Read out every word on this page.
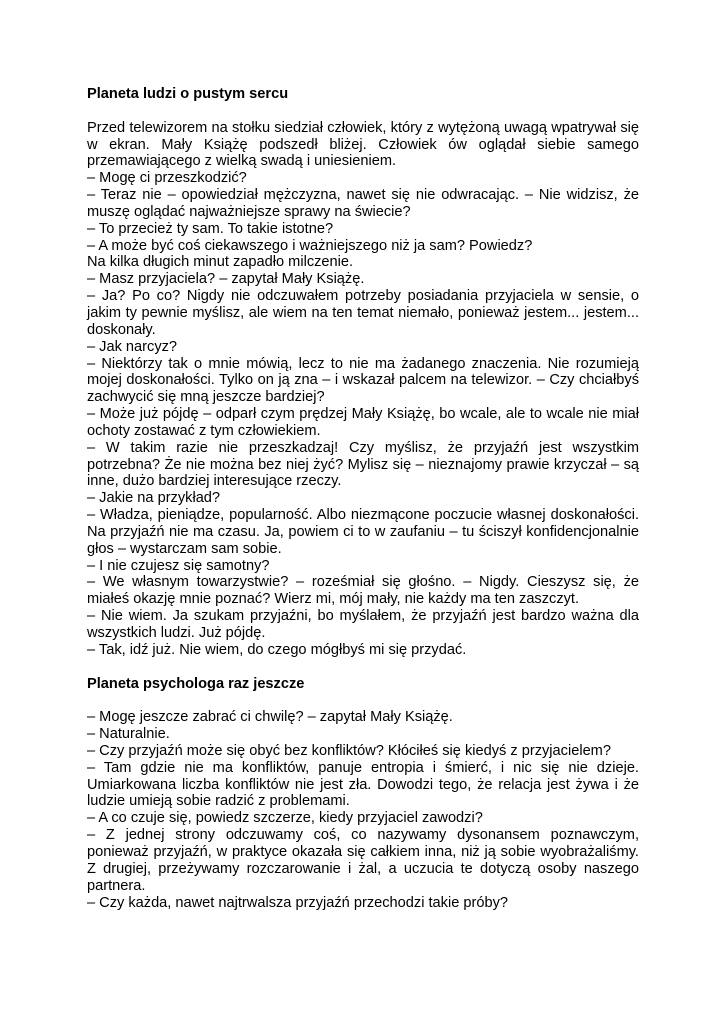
Planeta ludzi o pustym sercu

Przed telewizorem na stołku siedział człowiek, który z wytężoną uwagą wpatrywał się w ekran. Mały Książę podszedł bliżej. Człowiek ów oglądał siebie samego przemawiającego z wielką swadą i uniesieniem.

– Mogę ci przeszkodzić?

– Teraz nie – opowiedział mężczyzna, nawet się nie odwracając. – Nie widzisz, że muszę oglądać najważniejsze sprawy na świecie?

– To przecież ty sam. To takie istotne?

– A może być coś ciekawszego i ważniejszego niż ja sam? Powiedz?

Na kilka długich minut zapadło milczenie.

– Masz przyjaciela? – zapytał Mały Książę.

– Ja? Po co? Nigdy nie odczuwałem potrzeby posiadania przyjaciela w sensie, o jakim ty pewnie myślisz, ale wiem na ten temat niemało, ponieważ jestem... jestem... doskonały.

– Jak narcyz?

– Niektórzy tak o mnie mówią, lecz to nie ma żadanego znaczenia. Nie rozumieją mojej doskonałości. Tylko on ją zna – i wskazał palcem na telewizor. – Czy chciałbyś zachwycić się mną jeszcze bardziej?

– Może już pójdę – odparł czym prędzej Mały Książę, bo wcale, ale to wcale nie miał ochoty zostawać z tym człowiekiem.

– W takim razie nie przeszkadzaj! Czy myślisz, że przyjaźń jest wszystkim potrzebna? Że nie można bez niej żyć? Mylisz się – nieznajomy prawie krzyczał – są inne, dużo bardziej interesujące rzeczy.

– Jakie na przykład?

– Władza, pieniądze, popularność. Albo niezmącone poczucie własnej doskonałości. Na przyjaźń nie ma czasu. Ja, powiem ci to w zaufaniu – tu ściszył konfidencjonalnie głos – wystarczam sam sobie.

– I nie czujesz się samotny?

– We własnym towarzystwie? – roześmiał się głośno. – Nigdy. Cieszysz się, że miałeś okazję mnie poznać? Wierz mi, mój mały, nie każdy ma ten zaszczyt.

– Nie wiem. Ja szukam przyjaźni, bo myślałem, że przyjaźń jest bardzo ważna dla wszystkich ludzi. Już pójdę.

– Tak, idź już. Nie wiem, do czego mógłbyś mi się przydać.

Planeta psychologa raz jeszcze

– Mogę jeszcze zabrać ci chwilę? – zapytał Mały Książę.

– Naturalnie.

– Czy przyjaźń może się obyć bez konfliktów? Kłóciłeś się kiedyś z przyjacielem?

– Tam gdzie nie ma konfliktów, panuje entropia i śmierć, i nic się nie dzieje. Umiarkowana liczba konfliktów nie jest zła. Dowodzi tego, że relacja jest żywa i że ludzie umieją sobie radzić z problemami.

– A co czuje się, powiedz szczerze, kiedy przyjaciel zawodzi?

– Z jednej strony odczuwamy coś, co nazywamy dysonansem poznawczym, ponieważ przyjaźń, w praktyce okazała się całkiem inna, niż ją sobie wyobrażaliśmy. Z drugiej, przeżywamy rozczarowanie i żal, a uczucia te dotyczą osoby naszego partnera.

– Czy każda, nawet najtrwalsza przyjaźń przechodzi takie próby?
